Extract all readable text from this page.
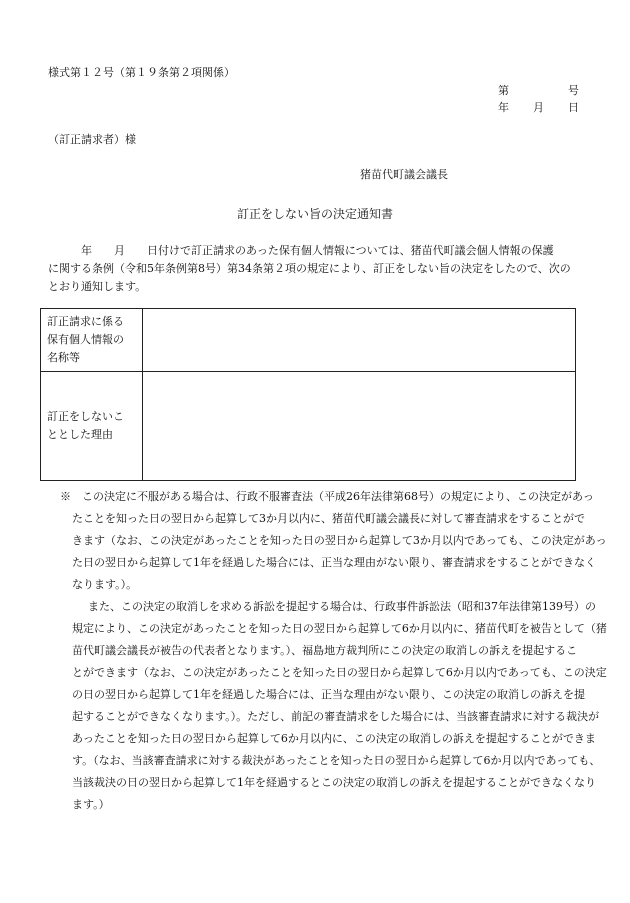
様式第１２号（第１９条第２項関係）
第	号
年 月 日
（訂正請求者）様
猪苗代町議会議長
訂正をしない旨の決定通知書
　　　年　　月　　日付けで訂正請求のあった保有個人情報については、猪苗代町議会個人情報の保護
に関する条例（令和5年条例第8号）第34条第２項の規定により、訂正をしない旨の決定をしたので、次の
とおり通知します。
訂正請求に係る
保有個人情報の
名称等	

訂正をしないこ
ととした理由	

※　この決定に不服がある場合は、行政不服審査法（平成26年法律第68号）の規定により、この決定があっ
たことを知った日の翌日から起算して3か月以内に、猪苗代町議会議長に対して審査請求をすることがで
きます（なお、この決定があったことを知った日の翌日から起算して3か月以内であっても、この決定があっ
た日の翌日から起算して1年を経過した場合には、正当な理由がない限り、審査請求をすることができなく
なります。）。
また、この決定の取消しを求める訴訟を提起する場合は、行政事件訴訟法（昭和37年法律第139号）の
規定により、この決定があったことを知った日の翌日から起算して6か月以内に、猪苗代町を被告として（猪
苗代町議会議長が被告の代表者となります。）、福島地方裁判所にこの決定の取消しの訴えを提起するこ
とができます（なお、この決定があったことを知った日の翌日から起算して6か月以内であっても、この決定
の日の翌日から起算して1年を経過した場合には、正当な理由がない限り、この決定の取消しの訴えを提
起することができなくなります。）。ただし、前記の審査請求をした場合には、当該審査請求に対する裁決が
あったことを知った日の翌日から起算して6か月以内に、この決定の取消しの訴えを提起することができま
す。（なお、当該審査請求に対する裁決があったことを知った日の翌日から起算して6か月以内であっても、
当該裁決の日の翌日から起算して1年を経過するとこの決定の取消しの訴えを提起することができなくなり
ます。）
